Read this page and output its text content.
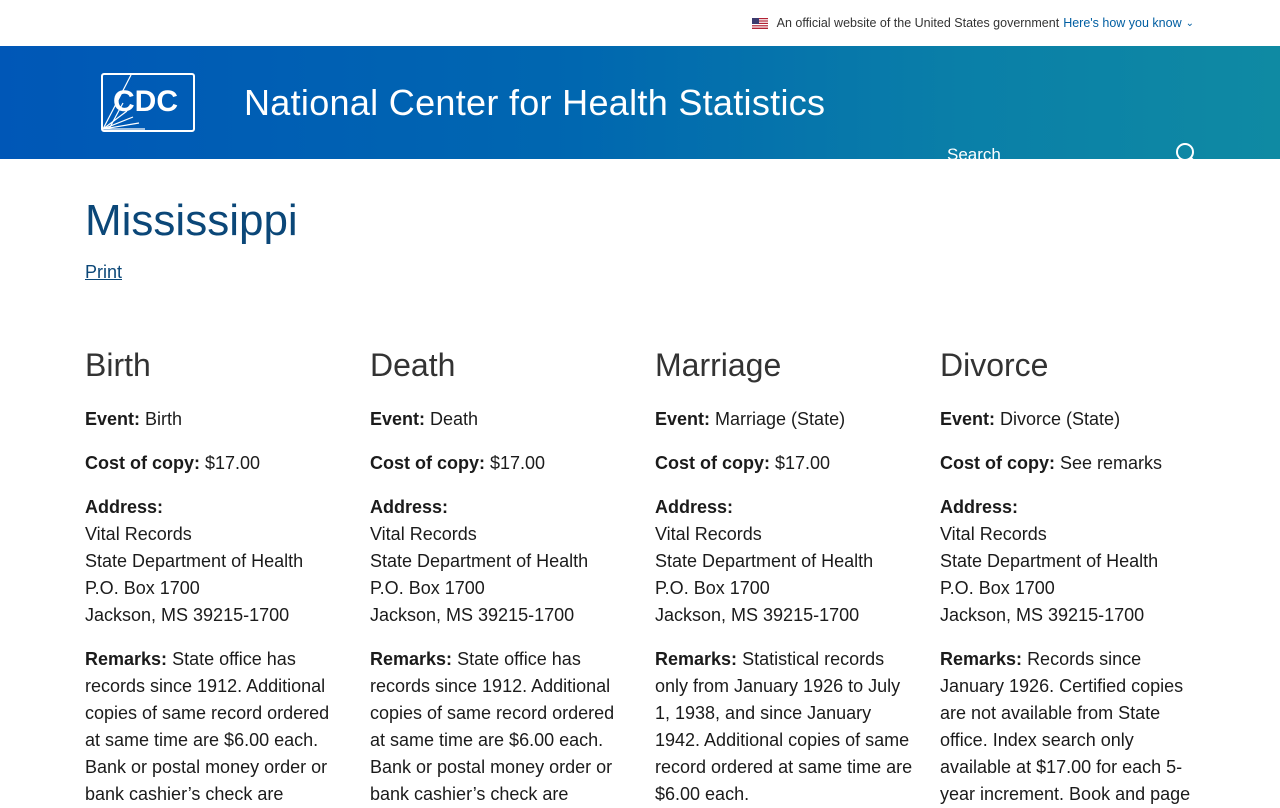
An official website of the United States government Here's how you know ⌄
CDC National Center for Health Statistics
Search
Mississippi
Print
Birth
Event: Birth
Cost of copy: $17.00
Address:
Vital Records
State Department of Health
P.O. Box 1700
Jackson, MS 39215-1700
Remarks: State office has records since 1912. Additional copies of same record ordered at same time are $6.00 each. Bank or postal money order or bank cashier’s check are
Death
Event: Death
Cost of copy: $17.00
Address:
Vital Records
State Department of Health
P.O. Box 1700
Jackson, MS 39215-1700
Remarks: State office has records since 1912. Additional copies of same record ordered at same time are $6.00 each. Bank or postal money order or bank cashier’s check are
Marriage
Event: Marriage (State)
Cost of copy: $17.00
Address:
Vital Records
State Department of Health
P.O. Box 1700
Jackson, MS 39215-1700
Remarks: Statistical records only from January 1926 to July 1, 1938, and since January 1942. Additional copies of same record ordered at same time are $6.00 each.
Divorce
Event: Divorce (State)
Cost of copy: See remarks
Address:
Vital Records
State Department of Health
P.O. Box 1700
Jackson, MS 39215-1700
Remarks: Records since January 1926. Certified copies are not available from State office. Index search only available at $17.00 for each 5-year increment. Book and page
